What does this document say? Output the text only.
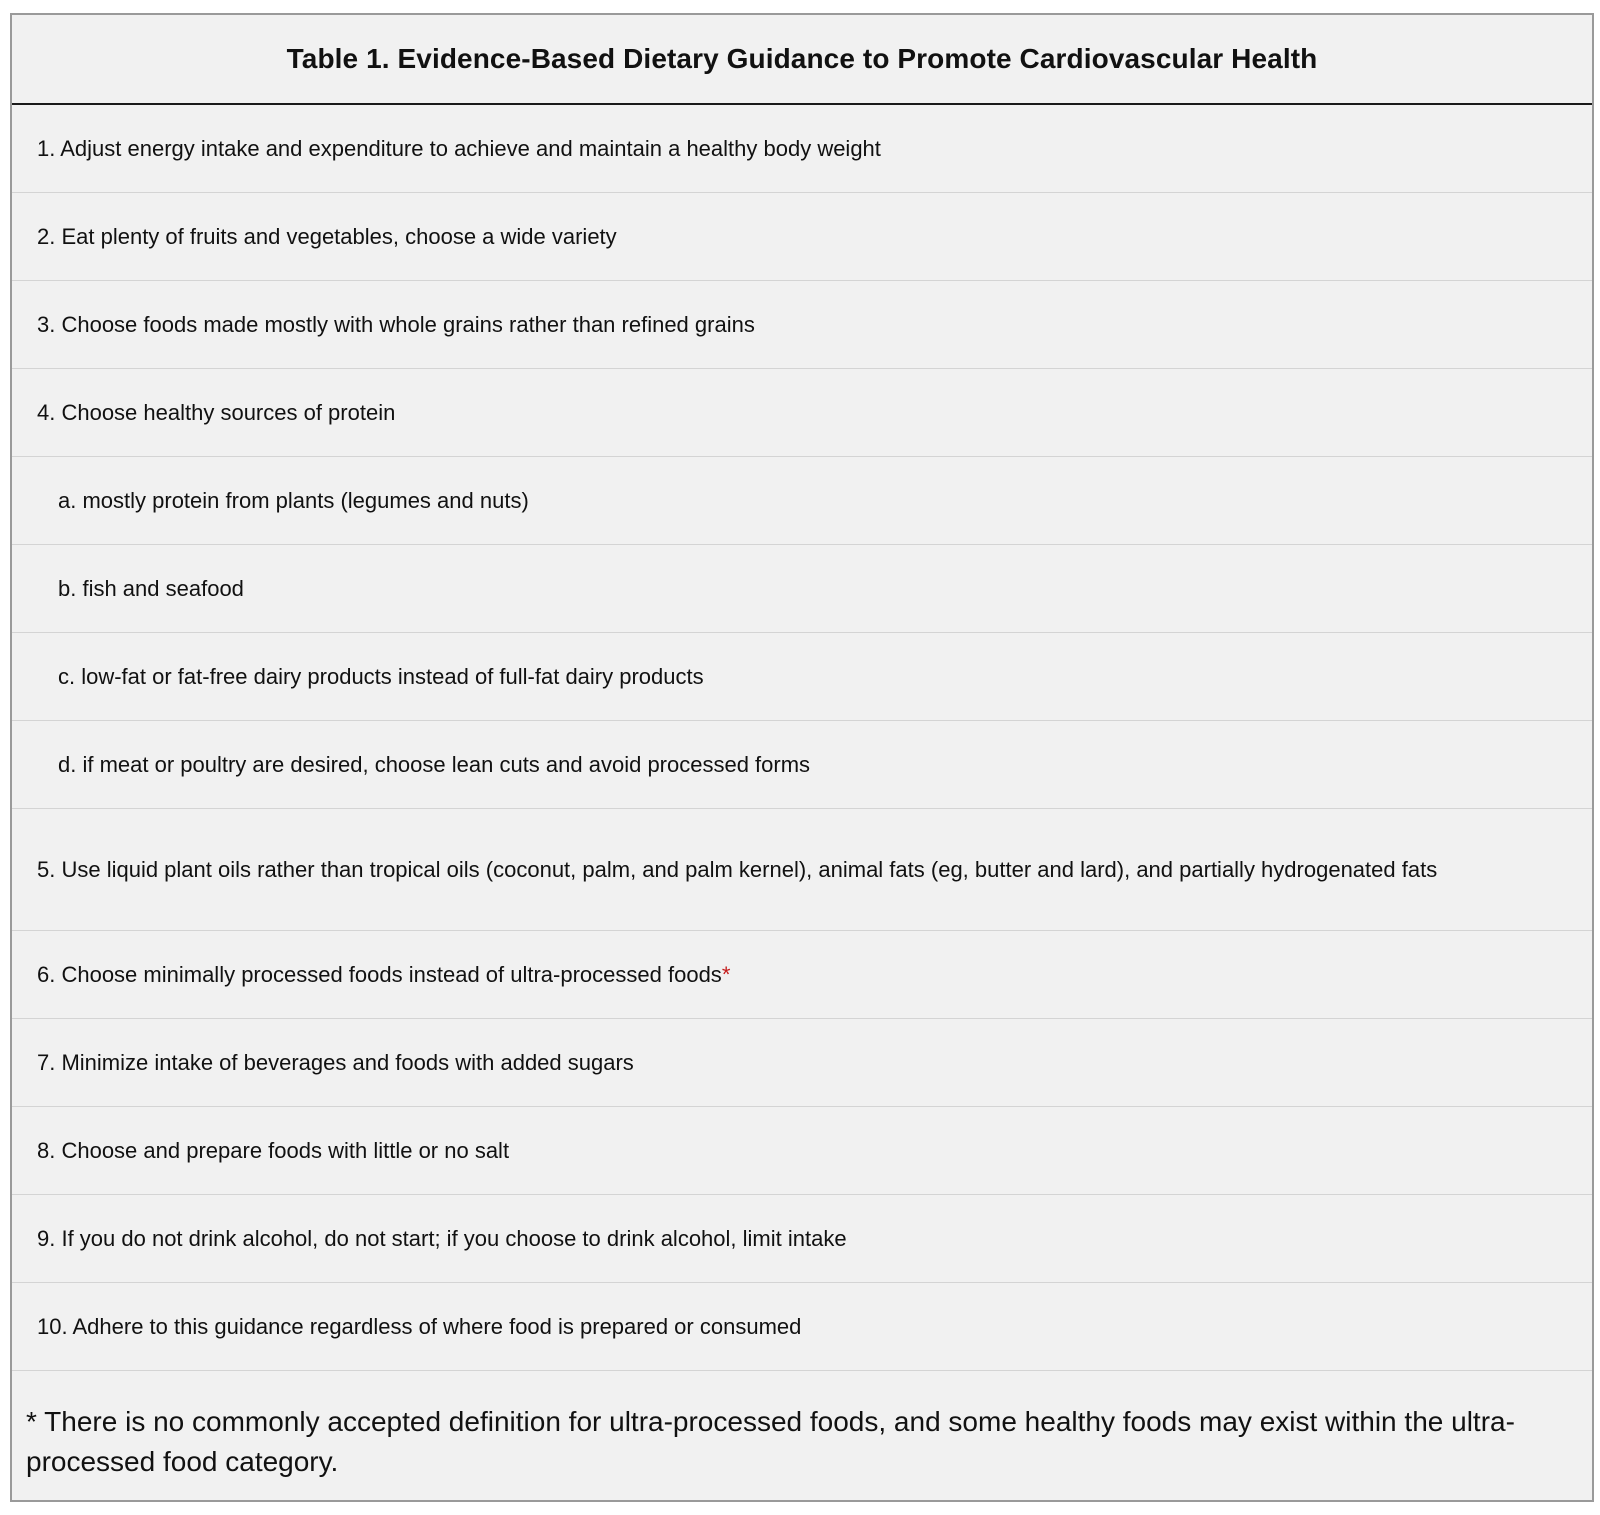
Table 1. Evidence-Based Dietary Guidance to Promote Cardiovascular Health
1. Adjust energy intake and expenditure to achieve and maintain a healthy body weight
2. Eat plenty of fruits and vegetables, choose a wide variety
3. Choose foods made mostly with whole grains rather than refined grains
4. Choose healthy sources of protein
a. mostly protein from plants (legumes and nuts)
b. fish and seafood
c. low-fat or fat-free dairy products instead of full-fat dairy products
d. if meat or poultry are desired, choose lean cuts and avoid processed forms
5. Use liquid plant oils rather than tropical oils (coconut, palm, and palm kernel), animal fats (eg, butter and lard), and partially hydrogenated fats
6. Choose minimally processed foods instead of ultra-processed foods*
7. Minimize intake of beverages and foods with added sugars
8. Choose and prepare foods with little or no salt
9. If you do not drink alcohol, do not start; if you choose to drink alcohol, limit intake
10. Adhere to this guidance regardless of where food is prepared or consumed
* There is no commonly accepted definition for ultra-processed foods, and some healthy foods may exist within the ultra-processed food category.
